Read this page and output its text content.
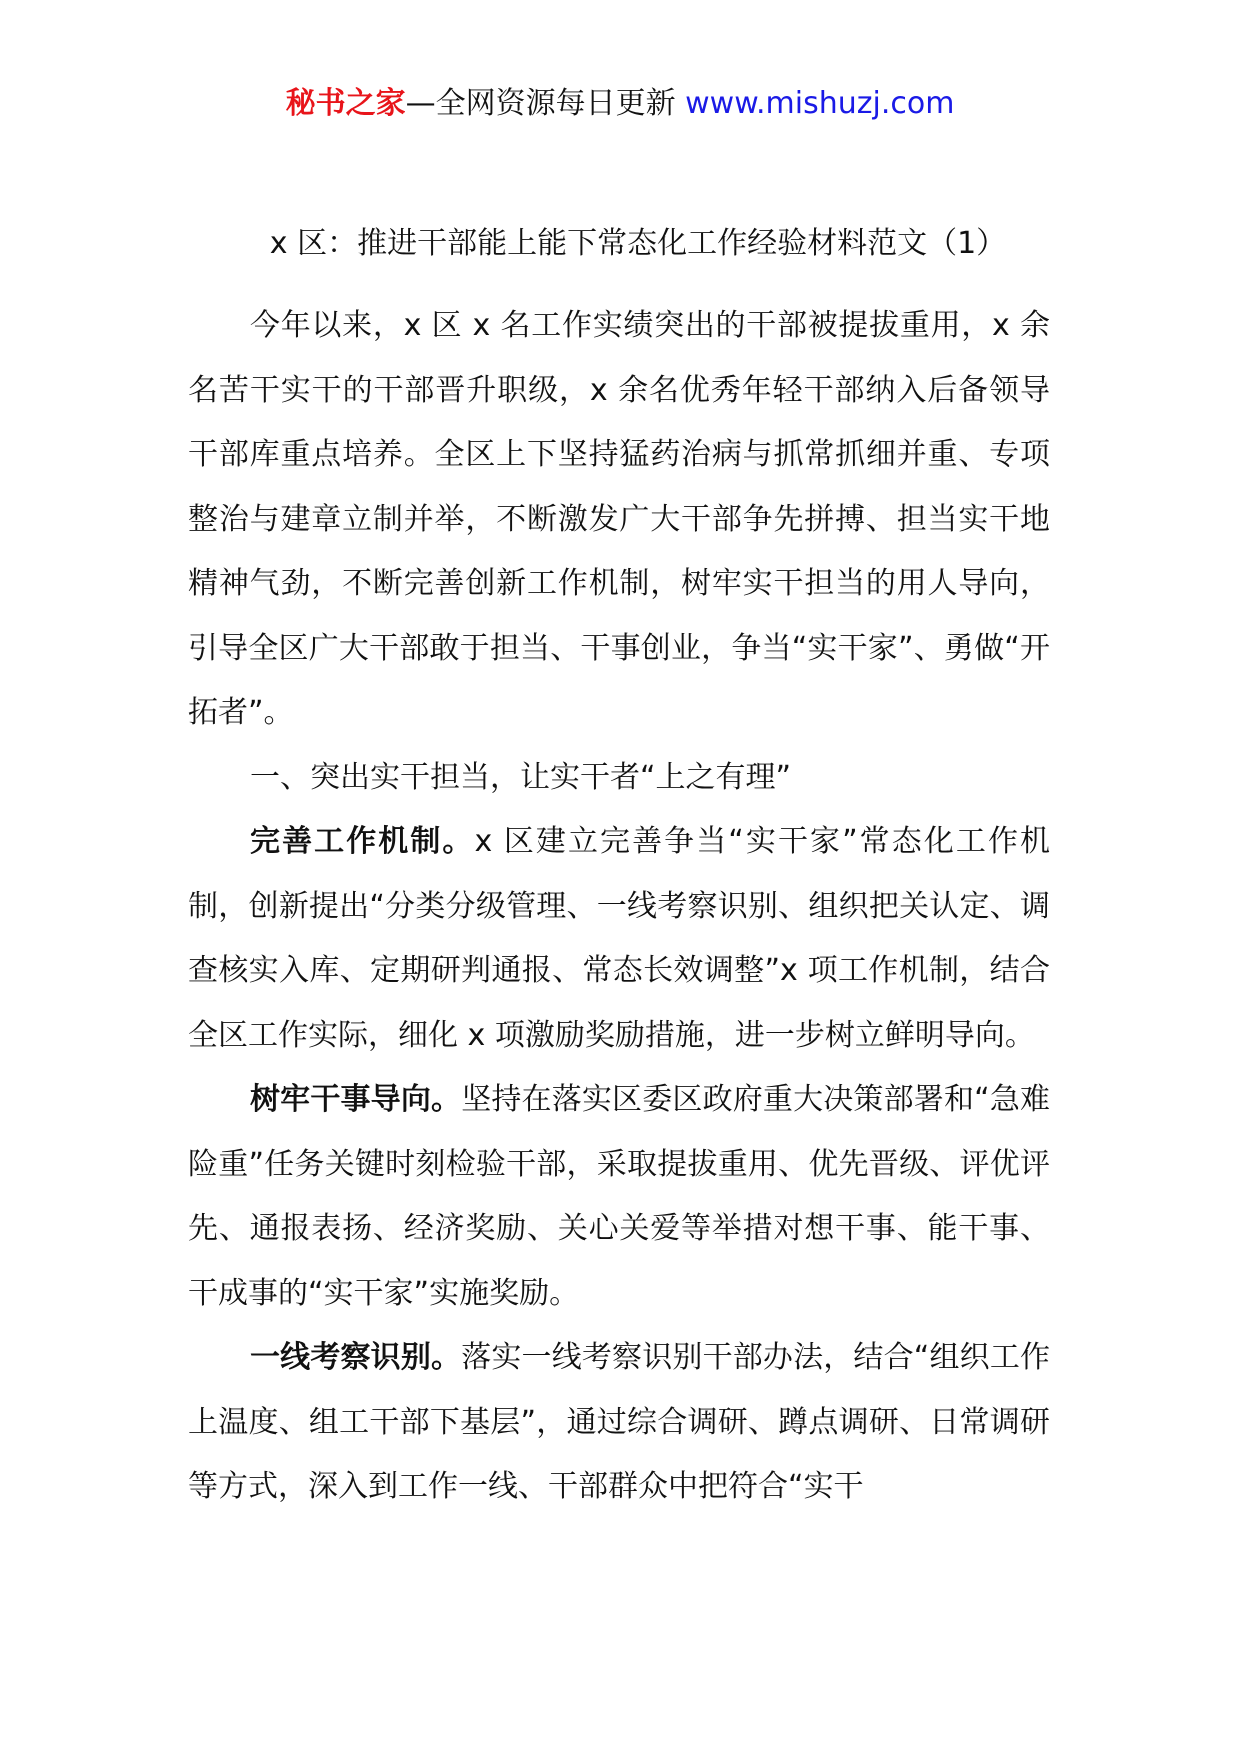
秘书之家—全网资源每日更新 www.mishuzj.com
x 区：推进干部能上能下常态化工作经验材料范文（1）

今年以来，x 区 x 名工作实绩突出的干部被提拔重用，x 余名苦干实干的干部晋升职级，x 余名优秀年轻干部纳入后备领导干部库重点培养。全区上下坚持猛药治病与抓常抓细并重、专项整治与建章立制并举，不断激发广大干部争先拼搏、担当实干地精神气劲，不断完善创新工作机制，树牢实干担当的用人导向，引导全区广大干部敢于担当、干事创业，争当“实干家”、勇做“开拓者”。

一、突出实干担当，让实干者“上之有理”

完善工作机制。x 区建立完善争当“实干家”常态化工作机制，创新提出“分类分级管理、一线考察识别、组织把关认定、调查核实入库、定期研判通报、常态长效调整”x 项工作机制，结合全区工作实际，细化 x 项激励奖励措施，进一步树立鲜明导向。

树牢干事导向。坚持在落实区委区政府重大决策部署和“急难险重”任务关键时刻检验干部，采取提拔重用、优先晋级、评优评先、通报表扬、经济奖励、关心关爱等举措对想干事、能干事、干成事的“实干家”实施奖励。

一线考察识别。落实一线考察识别干部办法，结合“组织工作上温度、组工干部下基层”，通过综合调研、蹲点调研、日常调研等方式，深入到工作一线、干部群众中把符合“实干
